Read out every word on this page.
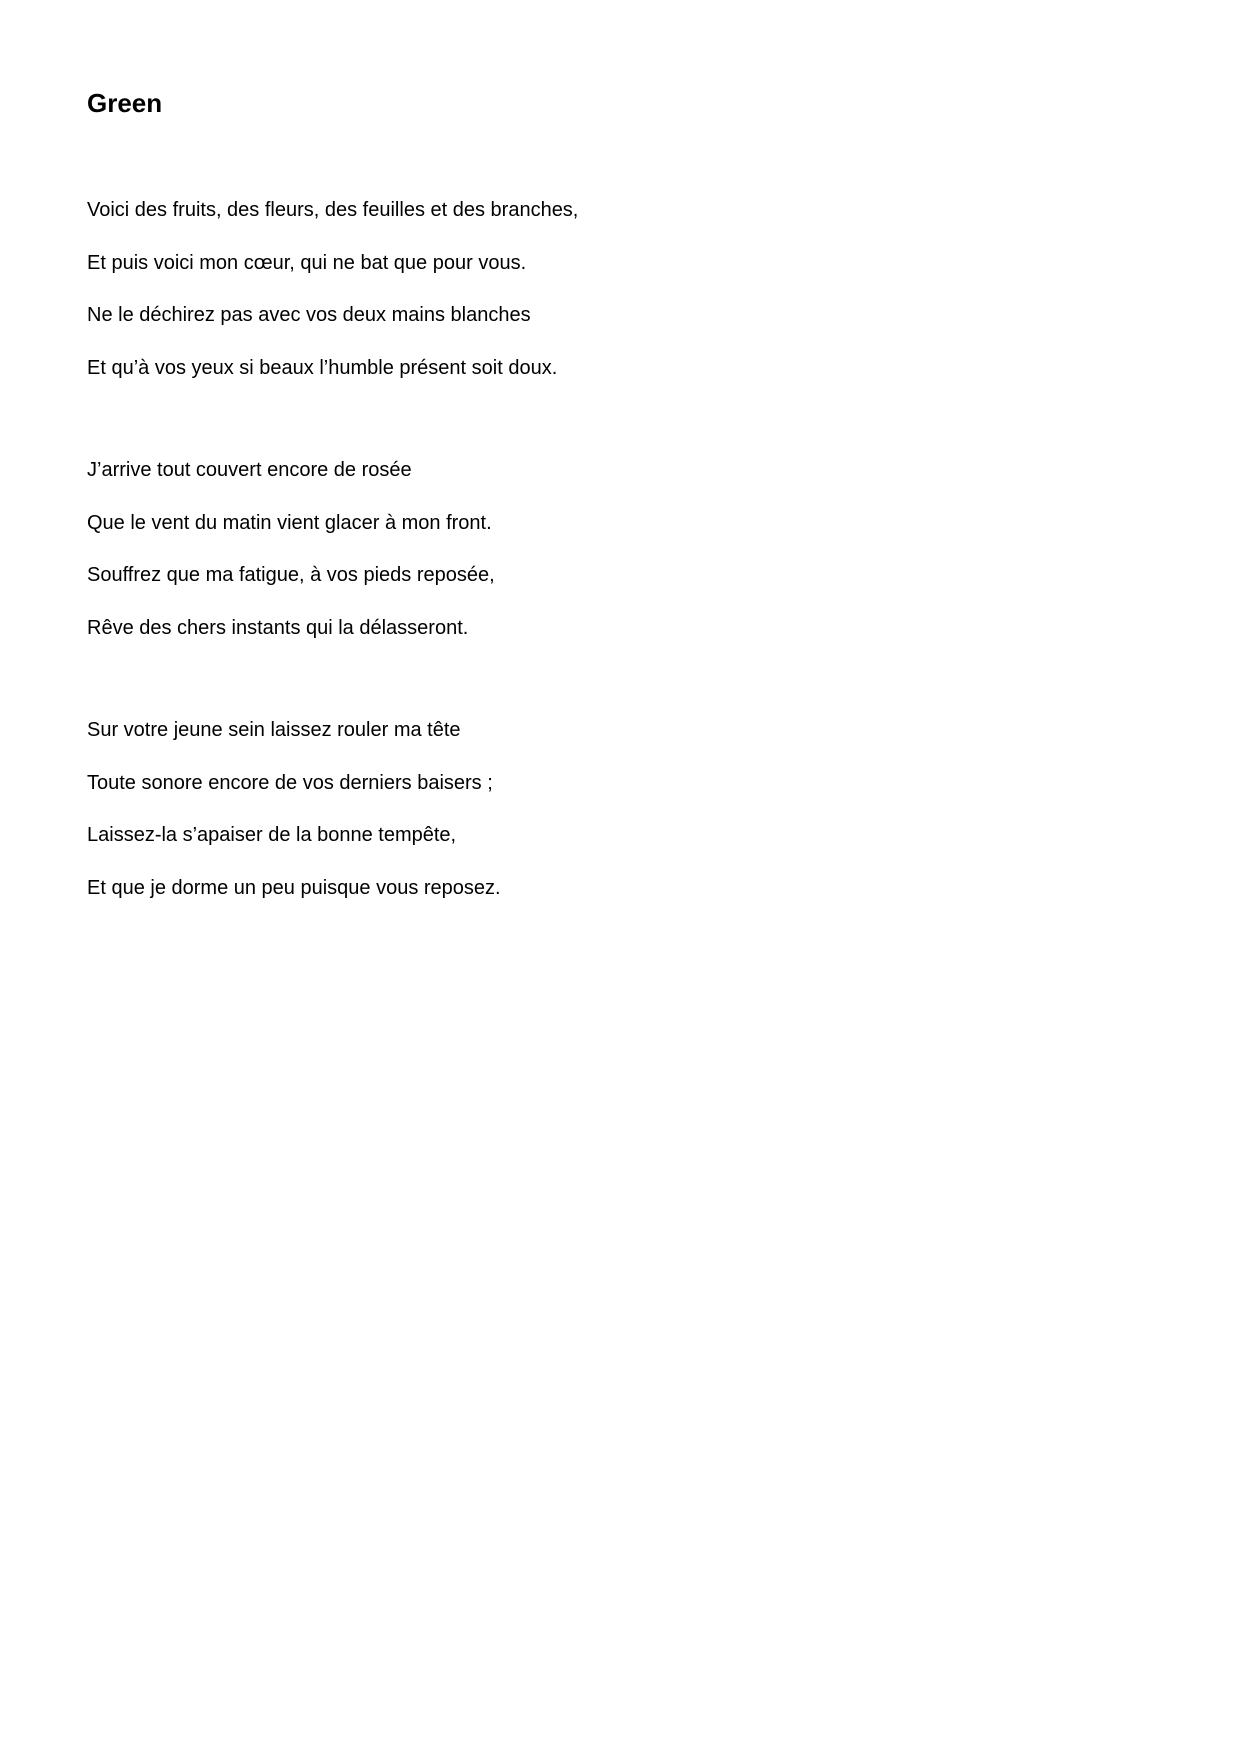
Green
Voici des fruits, des fleurs, des feuilles et des branches,
Et puis voici mon cœur, qui ne bat que pour vous.
Ne le déchirez pas avec vos deux mains blanches
Et qu’à vos yeux si beaux l’humble présent soit doux.
J’arrive tout couvert encore de rosée
Que le vent du matin vient glacer à mon front.
Souffrez que ma fatigue, à vos pieds reposée,
Rêve des chers instants qui la délasseront.
Sur votre jeune sein laissez rouler ma tête
Toute sonore encore de vos derniers baisers ;
Laissez-la s’apaiser de la bonne tempête,
Et que je dorme un peu puisque vous reposez.
